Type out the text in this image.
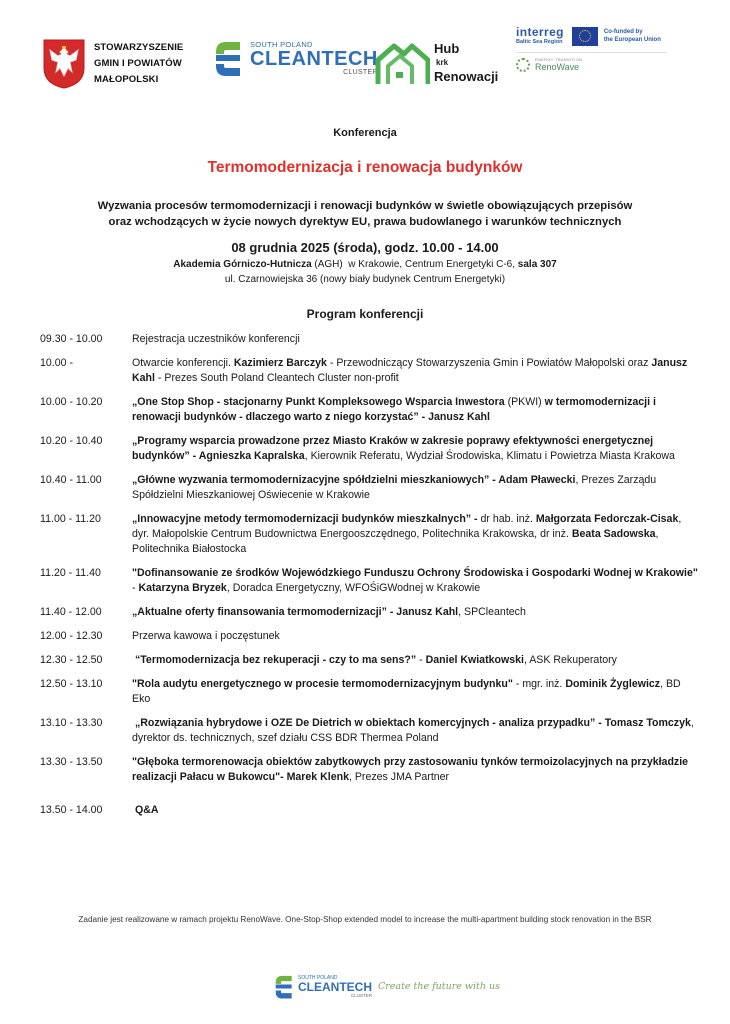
STOWARZYSZENIE
GMIN I POWIATÓW
MAŁOPOLSKI
SOUTH POLAND
CLEANTECH
CLUSTER
Hub
krk
Renowacji
interreg
Baltic Sea Region
Co-funded by
the European Union
ENERGY TRANSITION
RenoWave
Konferencja
Termomodernizacja i renowacja budynków
Wyzwania procesów termomodernizacji i renowacji budynków w świetle obowiązujących przepisów
oraz wchodzących w życie nowych dyrektyw EU, prawa budowlanego i warunków technicznych
08 grudnia 2025 (środa), godz. 10.00 - 14.00
Akademia Górniczo-Hutnicza (AGH)  w Krakowie, Centrum Energetyki C-6, sala 307
ul. Czarnowiejska 36 (nowy biały budynek Centrum Energetyki)
Program konferencji
09.30 - 10.00	Rejestracja uczestników konferencji
10.00 -	Otwarcie konferencji. Kazimierz Barczyk - Przewodniczący Stowarzyszenia Gmin i Powiatów Małopolski oraz Janusz Kahl - Prezes South Poland Cleantech Cluster non-profit
10.00 - 10.20	„One Stop Shop - stacjonarny Punkt Kompleksowego Wsparcia Inwestora (PKWI) w termomodernizacji i renowacji budynków - dlaczego warto z niego korzystać” - Janusz Kahl
10.20 - 10.40	„Programy wsparcia prowadzone przez Miasto Kraków w zakresie poprawy efektywności energetycznej budynków” - Agnieszka Kapralska, Kierownik Referatu, Wydział Środowiska, Klimatu i Powietrza Miasta Krakowa
10.40 - 11.00	„Główne wyzwania termomodernizacyjne spółdzielni mieszkaniowych” - Adam Pławecki, Prezes Zarządu Spółdzielni Mieszkaniowej Oświecenie w Krakowie
11.00 - 11.20	„Innowacyjne metody termomodernizacji budynków mieszkalnych” - dr hab. inż. Małgorzata Fedorczak-Cisak, dyr. Małopolskie Centrum Budownictwa Energooszczędnego, Politechnika Krakowska, dr inż. Beata Sadowska, Politechnika Białostocka
11.20 - 11.40	"Dofinansowanie ze środków Wojewódzkiego Funduszu Ochrony Środowiska i Gospodarki Wodnej w Krakowie" - Katarzyna Bryzek, Doradca Energetyczny, WFOŚiGWodnej w Krakowie
11.40 - 12.00	„Aktualne oferty finansowania termomodernizacji” - Janusz Kahl, SPCleantech
12.00 - 12.30	Przerwa kawowa i poczęstunek
12.30 - 12.50	“Termomodernizacja bez rekuperacji - czy to ma sens?” - Daniel Kwiatkowski, ASK Rekuperatory
12.50 - 13.10	"Rola audytu energetycznego w procesie termomodernizacyjnym budynku" - mgr. inż. Dominik Żyglewicz, BD Eko
13.10 - 13.30	„Rozwiązania hybrydowe i OZE De Dietrich w obiektach komercyjnych - analiza przypadku” - Tomasz Tomczyk, dyrektor ds. technicznych, szef działu CSS BDR Thermea Poland
13.30 - 13.50	"Głęboka termorenowacja obiektów zabytkowych przy zastosowaniu tynków termoizolacyjnych na przykładzie realizacji Pałacu w Bukowcu"- Marek Klenk, Prezes JMA Partner
13.50 - 14.00	Q&A
Zadanie jest realizowane w ramach projektu RenoWave. One-Stop-Shop extended model to increase the multi-apartment building stock renovation in the BSR
SOUTH POLAND
CLEANTECH
CLUSTER
Create the future with us
